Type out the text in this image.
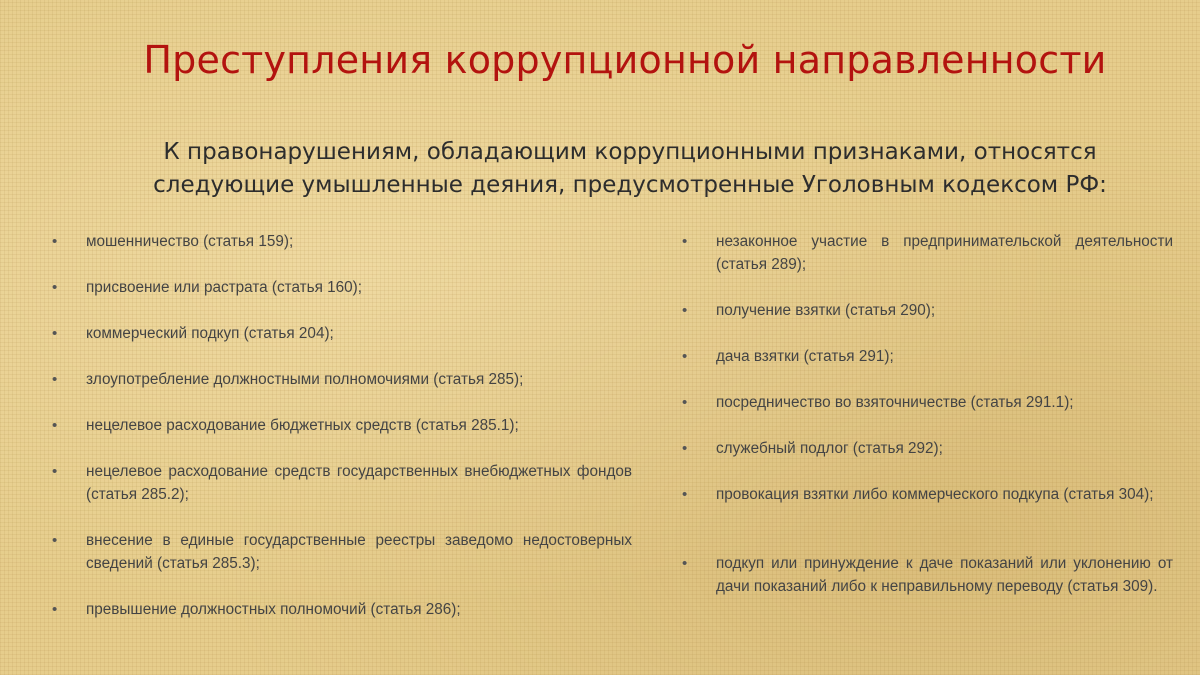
Преступления коррупционной направленности
К правонарушениям, обладающим коррупционными признаками, относятся следующие умышленные деяния, предусмотренные Уголовным кодексом РФ:
• мошенничество (статья 159);
• присвоение или растрата (статья 160);
• коммерческий подкуп (статья 204);
• злоупотребление должностными полномочиями (статья 285);
• нецелевое расходование бюджетных средств (статья 285.1);
• нецелевое расходование средств государственных внебюджетных фондов (статья 285.2);
• внесение в единые государственные реестры заведомо недостоверных сведений (статья 285.3);
• превышение должностных полномочий (статья 286);
• незаконное участие в предпринимательской деятельности (статья 289);
• получение взятки (статья 290);
• дача взятки (статья 291);
• посредничество во взяточничестве (статья 291.1);
• служебный подлог (статья 292);
• провокация взятки либо коммерческого подкупа (статья 304);
• подкуп или принуждение к даче показаний или уклонению от дачи показаний либо к неправильному переводу (статья 309).
